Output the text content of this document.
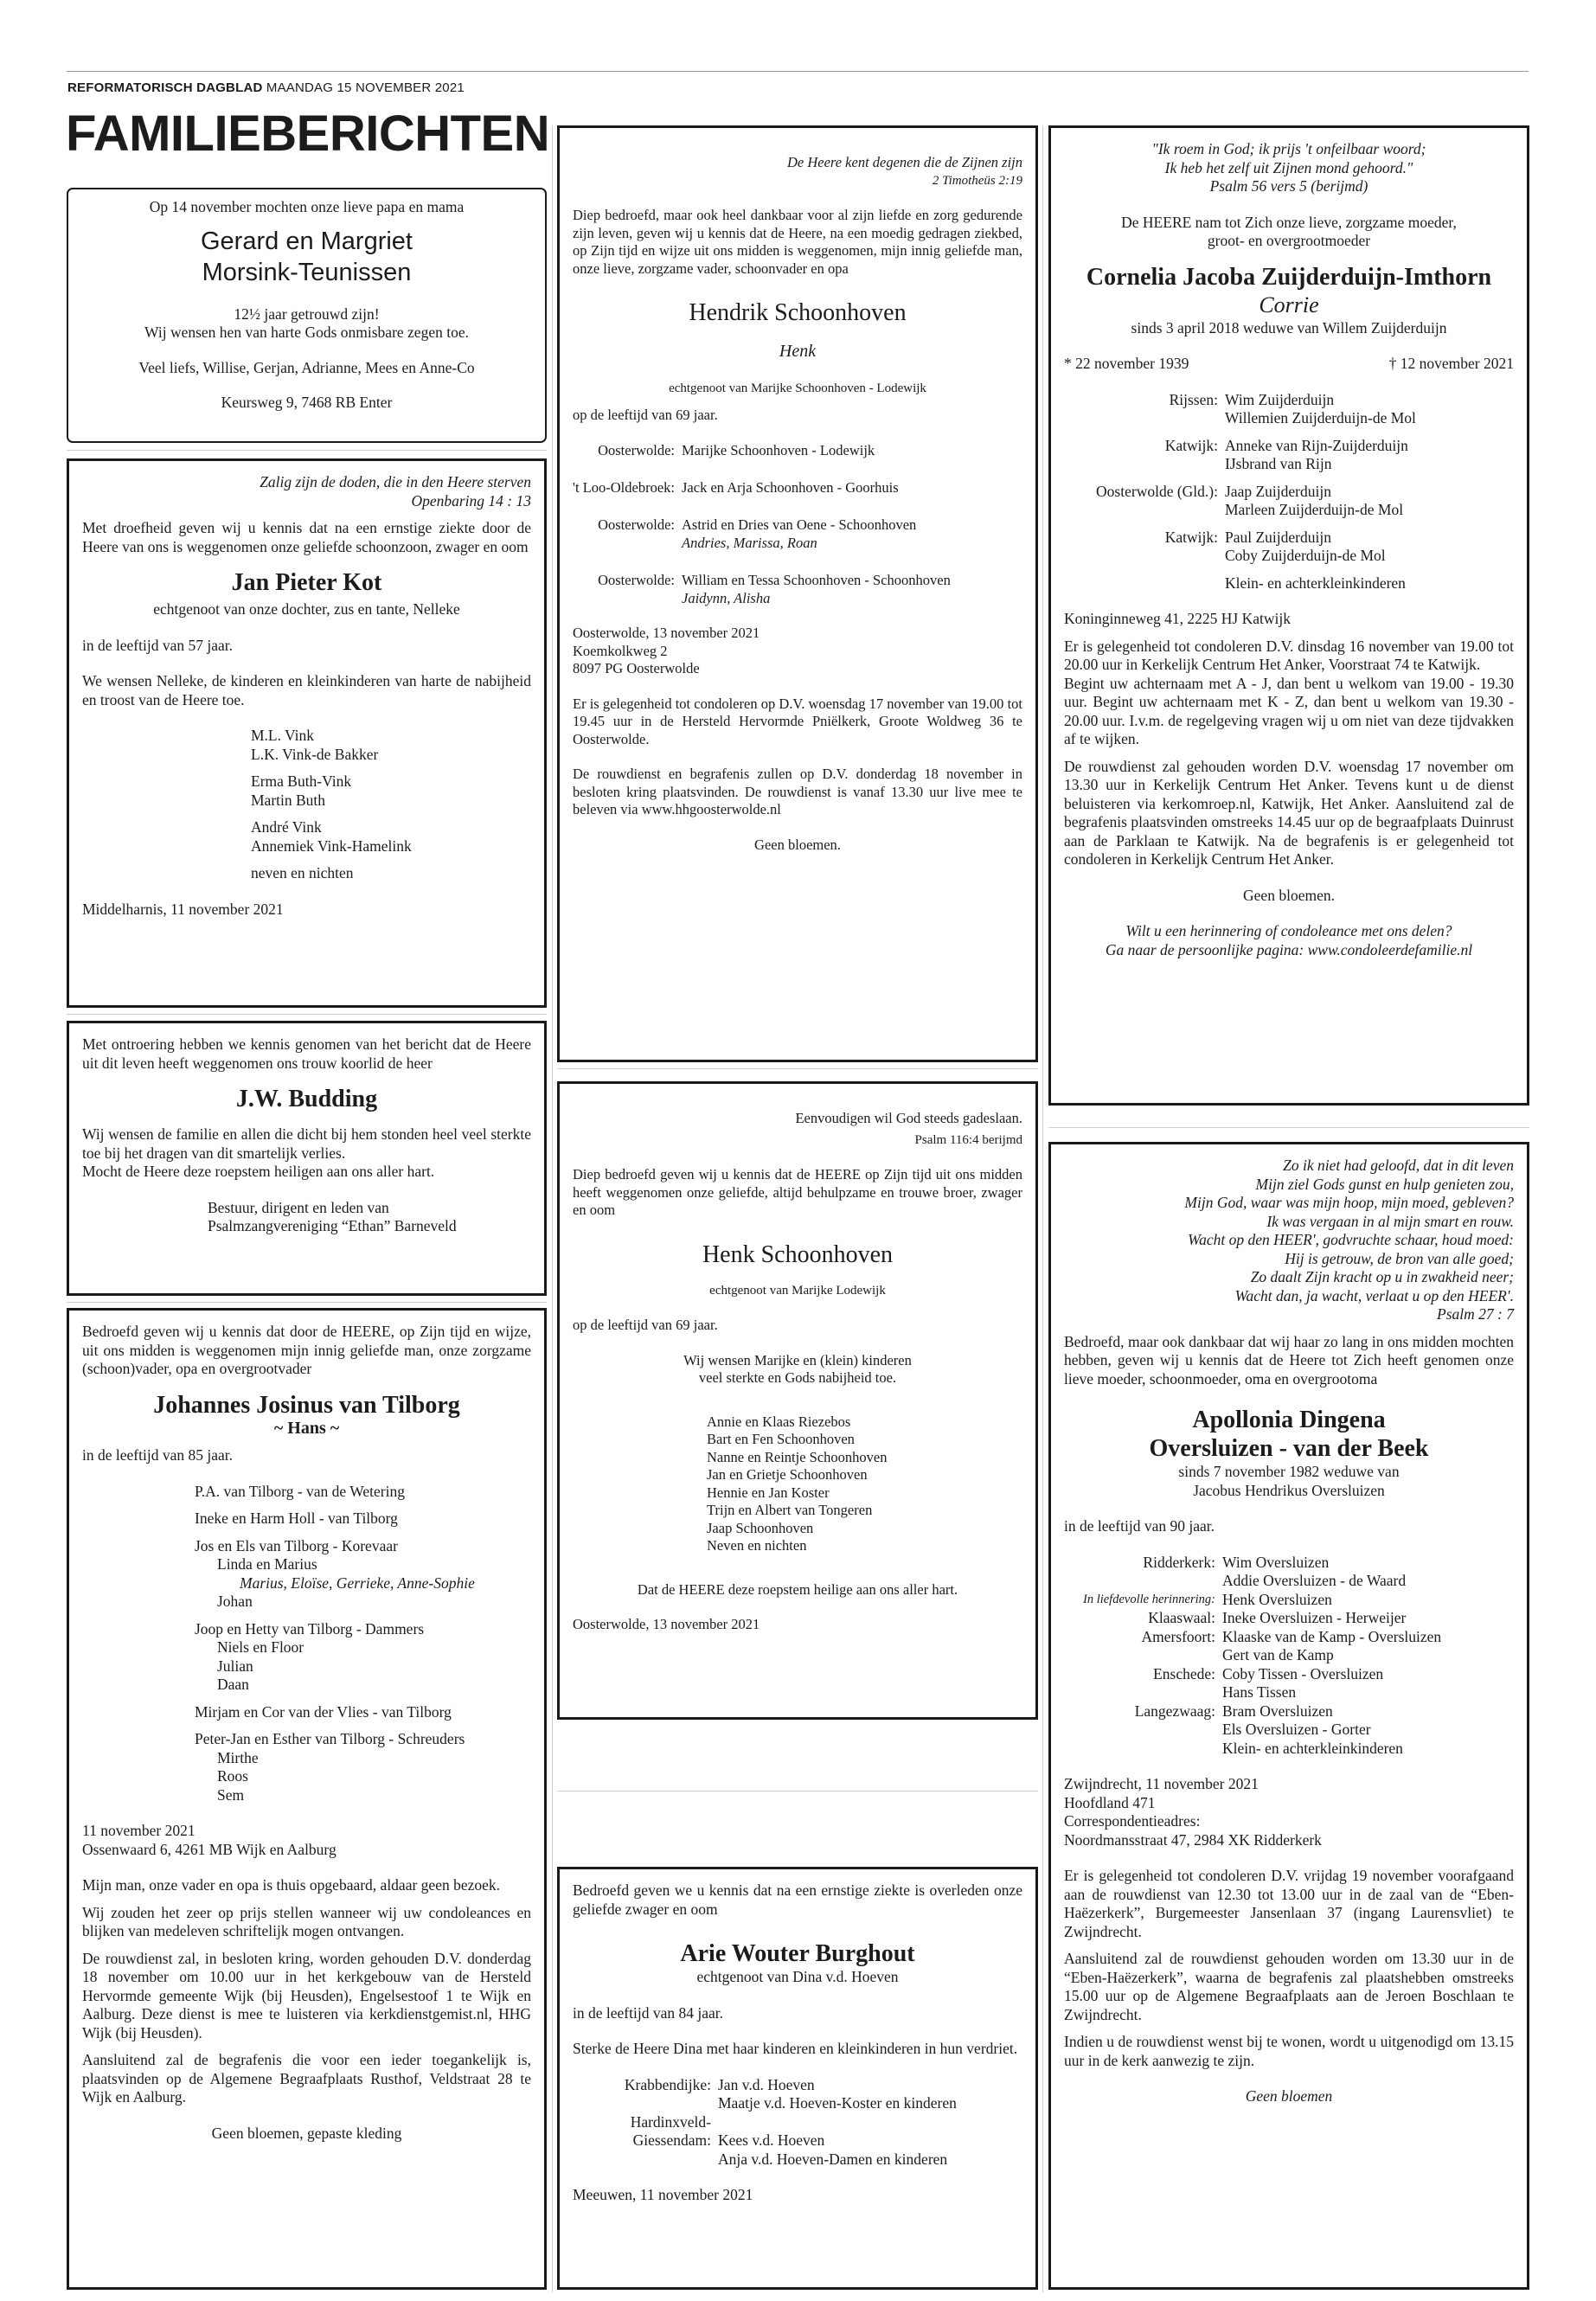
REFORMATORISCH DAGBLAD MAANDAG 15 NOVEMBER 2021
FAMILIEBERICHTEN

Op 14 november mochten onze lieve papa en mama

Gerard en Margriet
Morsink-Teunissen

12½ jaar getrouwd zijn!

Wij wensen hen van harte Gods onmisbare zegen toe.

Veel liefs, Willise, Gerjan, Adrianne, Mees en Anne-Co

Keursweg 9, 7468 RB Enter

Zalig zijn de doden, die in den Heere sterven

Openbaring 14 : 13

Met droefheid geven wij u kennis dat na een ernstige ziekte door de Heere van ons is weggenomen onze geliefde schoonzoon, zwager en oom

Jan Pieter Kot

echtgenoot van onze dochter, zus en tante, Nelleke

in de leeftijd van 57 jaar.

We wensen Nelleke, de kinderen en kleinkinderen van harte de nabijheid en troost van de Heere toe.

M.L. Vink

L.K. Vink-de Bakker

Erma Buth-Vink

Martin Buth

André Vink

Annemiek Vink-Hamelink

neven en nichten

Middelharnis, 11 november 2021

Met ontroering hebben we kennis genomen van het bericht dat de Heere uit dit leven heeft weggenomen ons trouw koorlid de heer

J.W. Budding

Wij wensen de familie en allen die dicht bij hem stonden heel veel sterkte toe bij het dragen van dit smartelijk verlies.

Mocht de Heere deze roepstem heiligen aan ons aller hart.

Bestuur, dirigent en leden van

Psalmzangvereniging “Ethan” Barneveld

Bedroefd geven wij u kennis dat door de HEERE, op Zijn tijd en wijze, uit ons midden is weggenomen mijn innig geliefde man, onze zorgzame (schoon)vader, opa en overgrootvader

Johannes Josinus van Tilborg

~ Hans ~

in de leeftijd van 85 jaar.

P.A. van Tilborg - van de Wetering

Ineke en Harm Holl - van Tilborg

Jos en Els van Tilborg - Korevaar

Linda en Marius

Marius, Eloïse, Gerrieke, Anne-Sophie

Johan

Joop en Hetty van Tilborg - Dammers

Niels en Floor

Julian

Daan

Mirjam en Cor van der Vlies - van Tilborg

Peter-Jan en Esther van Tilborg - Schreuders

Mirthe

Roos

Sem

11 november 2021

Ossenwaard 6, 4261 MB Wijk en Aalburg

Mijn man, onze vader en opa is thuis opgebaard, aldaar geen bezoek.

Wij zouden het zeer op prijs stellen wanneer wij uw condoleances en blijken van medeleven schriftelijk mogen ontvangen.

De rouwdienst zal, in besloten kring, worden gehouden D.V. donderdag 18 november om 10.00 uur in het kerkgebouw van de Hersteld Hervormde gemeente Wijk (bij Heusden), Engelsestoof 1 te Wijk en Aalburg. Deze dienst is mee te luisteren via kerkdienstgemist.nl, HHG Wijk (bij Heusden).

Aansluitend zal de begrafenis die voor een ieder toegankelijk is, plaatsvinden op de Algemene Begraafplaats Rusthof, Veldstraat 28 te Wijk en Aalburg.

Geen bloemen, gepaste kleding

De Heere kent degenen die de Zijnen zijn

2 Timotheüs 2:19

Diep bedroefd, maar ook heel dankbaar voor al zijn liefde en zorg gedurende zijn leven, geven wij u kennis dat de Heere, na een moedig gedragen ziekbed, op Zijn tijd en wijze uit ons midden is weggenomen, mijn innig geliefde man, onze lieve, zorgzame vader, schoonvader en opa

Hendrik Schoonhoven

Henk

echtgenoot van Marijke Schoonhoven - Lodewijk

op de leeftijd van 69 jaar.

Oosterwolde:	Marijke Schoonhoven - Lodewijk

't Loo-Oldebroek:	Jack en Arja Schoonhoven - Goorhuis

Oosterwolde:	Astrid en Dries van Oene - Schoonhoven
	Andries, Marissa, Roan

Oosterwolde:	William en Tessa Schoonhoven - Schoonhoven
	Jaidynn, Alisha

Oosterwolde, 13 november 2021

Koemkolkweg 2

8097 PG Oosterwolde

Er is gelegenheid tot condoleren op D.V. woensdag 17 november van 19.00 tot 19.45 uur in de Hersteld Hervormde Pniëlkerk, Groote Woldweg 36 te Oosterwolde.

De rouwdienst en begrafenis zullen op D.V. donderdag 18 november in besloten kring plaatsvinden. De rouwdienst is vanaf 13.30 uur live mee te beleven via www.hhgoosterwolde.nl

Geen bloemen.

Eenvoudigen wil God steeds gadeslaan.

Psalm 116:4 berijmd

Diep bedroefd geven wij u kennis dat de HEERE op Zijn tijd uit ons midden heeft weggenomen onze geliefde, altijd behulpzame en trouwe broer, zwager en oom

Henk Schoonhoven

echtgenoot van Marijke Lodewijk

op de leeftijd van 69 jaar.

Wij wensen Marijke en (klein) kinderen

veel sterkte en Gods nabijheid toe.

Annie en Klaas Riezebos

Bart en Fen Schoonhoven

Nanne en Reintje Schoonhoven

Jan en Grietje Schoonhoven

Hennie en Jan Koster

Trijn en Albert van Tongeren

Jaap Schoonhoven

Neven en nichten

Dat de HEERE deze roepstem heilige aan ons aller hart.

Oosterwolde, 13 november 2021

Bedroefd geven we u kennis dat na een ernstige ziekte is overleden onze geliefde zwager en oom

Arie Wouter Burghout

echtgenoot van Dina v.d. Hoeven

in de leeftijd van 84 jaar.

Sterke de Heere Dina met haar kinderen en kleinkinderen in hun verdriet.

Krabbendijke:	Jan v.d. Hoeven
	Maatje v.d. Hoeven-Koster en kinderen
Hardinxveld-	
Giessendam:	Kees v.d. Hoeven
	Anja v.d. Hoeven-Damen en kinderen

Meeuwen, 11 november 2021

"Ik roem in God; ik prijs 't onfeilbaar woord;

Ik heb het zelf uit Zijnen mond gehoord."

Psalm 56 vers 5 (berijmd)

De HEERE nam tot Zich onze lieve, zorgzame moeder,

groot- en overgrootmoeder

Cornelia Jacoba Zuijderduijn-Imthorn

Corrie

sinds 3 april 2018 weduwe van Willem Zuijderduijn

* 22 november 1939	† 12 november 2021
Rijssen:	Wim Zuijderduijn
	Willemien Zuijderduijn-de Mol

Katwijk:	Anneke van Rijn-Zuijderduijn
	IJsbrand van Rijn

Oosterwolde (Gld.):	Jaap Zuijderduijn
	Marleen Zuijderduijn-de Mol

Katwijk:	Paul Zuijderduijn
	Coby Zuijderduijn-de Mol

	Klein- en achterkleinkinderen

Koninginneweg 41, 2225 HJ Katwijk

Er is gelegenheid tot condoleren D.V. dinsdag 16 november van 19.00 tot 20.00 uur in Kerkelijk Centrum Het Anker, Voorstraat 74 te Katwijk.

Begint uw achternaam met A - J, dan bent u welkom van 19.00 - 19.30 uur. Begint uw achternaam met K - Z, dan bent u welkom van 19.30 - 20.00 uur. I.v.m. de regelgeving vragen wij u om niet van deze tijdvakken af te wijken.

De rouwdienst zal gehouden worden D.V. woensdag 17 november om 13.30 uur in Kerkelijk Centrum Het Anker. Tevens kunt u de dienst beluisteren via kerkomroep.nl, Katwijk, Het Anker. Aansluitend zal de begrafenis plaatsvinden omstreeks 14.45 uur op de begraafplaats Duinrust aan de Parklaan te Katwijk. Na de begrafenis is er gelegenheid tot condoleren in Kerkelijk Centrum Het Anker.

Geen bloemen.

Wilt u een herinnering of condoleance met ons delen?

Ga naar de persoonlijke pagina: www.condoleerdefamilie.nl

Zo ik niet had geloofd, dat in dit leven

Mijn ziel Gods gunst en hulp genieten zou,

Mijn God, waar was mijn hoop, mijn moed, gebleven?

Ik was vergaan in al mijn smart en rouw.

Wacht op den HEER', godvruchte schaar, houd moed:

Hij is getrouw, de bron van alle goed;

Zo daalt Zijn kracht op u in zwakheid neer;

Wacht dan, ja wacht, verlaat u op den HEER'.

Psalm 27 : 7

Bedroefd, maar ook dankbaar dat wij haar zo lang in ons midden mochten hebben, geven wij u kennis dat de Heere tot Zich heeft genomen onze lieve moeder, schoonmoeder, oma en overgrootoma

Apollonia Dingena
Oversluizen - van der Beek

sinds 7 november 1982 weduwe van

Jacobus Hendrikus Oversluizen

in de leeftijd van 90 jaar.

Ridderkerk:	Wim Oversluizen
	Addie Oversluizen - de Waard
In liefdevolle herinnering:	Henk Oversluizen
Klaaswaal:	Ineke Oversluizen - Herweijer
Amersfoort:	Klaaske van de Kamp - Oversluizen
	Gert van de Kamp
Enschede:	Coby Tissen - Oversluizen
	Hans Tissen
Langezwaag:	Bram Oversluizen
	Els Oversluizen - Gorter
	Klein- en achterkleinkinderen

Zwijndrecht, 11 november 2021

Hoofdland 471

Correspondentieadres:

Noordmansstraat 47, 2984 XK Ridderkerk

Er is gelegenheid tot condoleren D.V. vrijdag 19 november voorafgaand aan de rouwdienst van 12.30 tot 13.00 uur in de zaal van de “Eben-Haëzerkerk”, Burgemeester Jansenlaan 37 (ingang Laurensvliet) te Zwijndrecht.

Aansluitend zal de rouwdienst gehouden worden om 13.30 uur in de “Eben-Haëzerkerk”, waarna de begrafenis zal plaatshebben omstreeks 15.00 uur op de Algemene Begraafplaats aan de Jeroen Boschlaan te Zwijndrecht.

Indien u de rouwdienst wenst bij te wonen, wordt u uitgenodigd om 13.15 uur in de kerk aanwezig te zijn.

Geen bloemen
